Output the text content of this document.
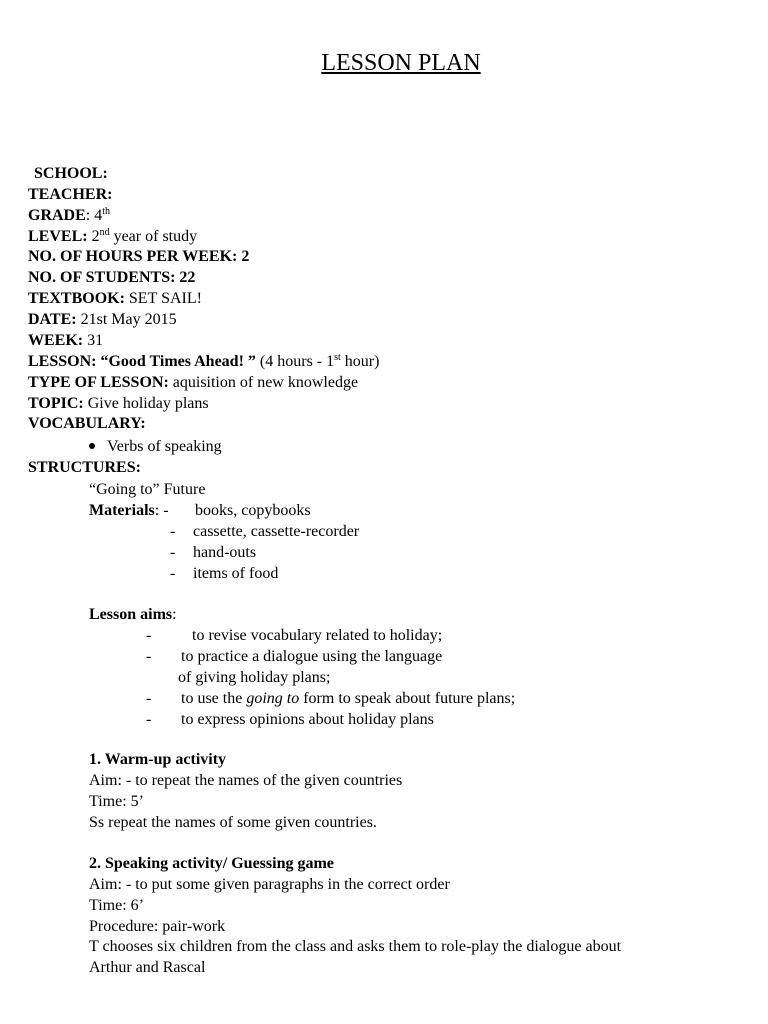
LESSON PLAN
SCHOOL:
TEACHER:
GRADE: 4th
LEVEL: 2nd year of study
NO. OF HOURS PER WEEK: 2
NO. OF STUDENTS: 22
TEXTBOOK: SET SAIL!
DATE: 21st May 2015
WEEK: 31
LESSON: “Good Times Ahead! ” (4 hours - 1st hour)
TYPE OF LESSON: aquisition of new knowledge
TOPIC: Give holiday plans
VOCABULARY:
Verbs of speaking
STRUCTURES:
“Going to” Future
Materials: - books, copybooks
- cassette, cassette-recorder
- hand-outs
- items of food
Lesson aims:
-	to revise vocabulary related to holiday;
- to practice a dialogue using the language
of giving holiday plans;
- to use the going to form to speak about future plans;
- to express opinions about holiday plans
1. Warm-up activity
Aim: - to repeat the names of the given countries
Time: 5’
Ss repeat the names of some given countries.
2. Speaking activity/ Guessing game
Aim: - to put some given paragraphs in the correct order
Time: 6’
Procedure: pair-work
T chooses six children from the class and asks them to role-play the dialogue about
Arthur and Rascal
